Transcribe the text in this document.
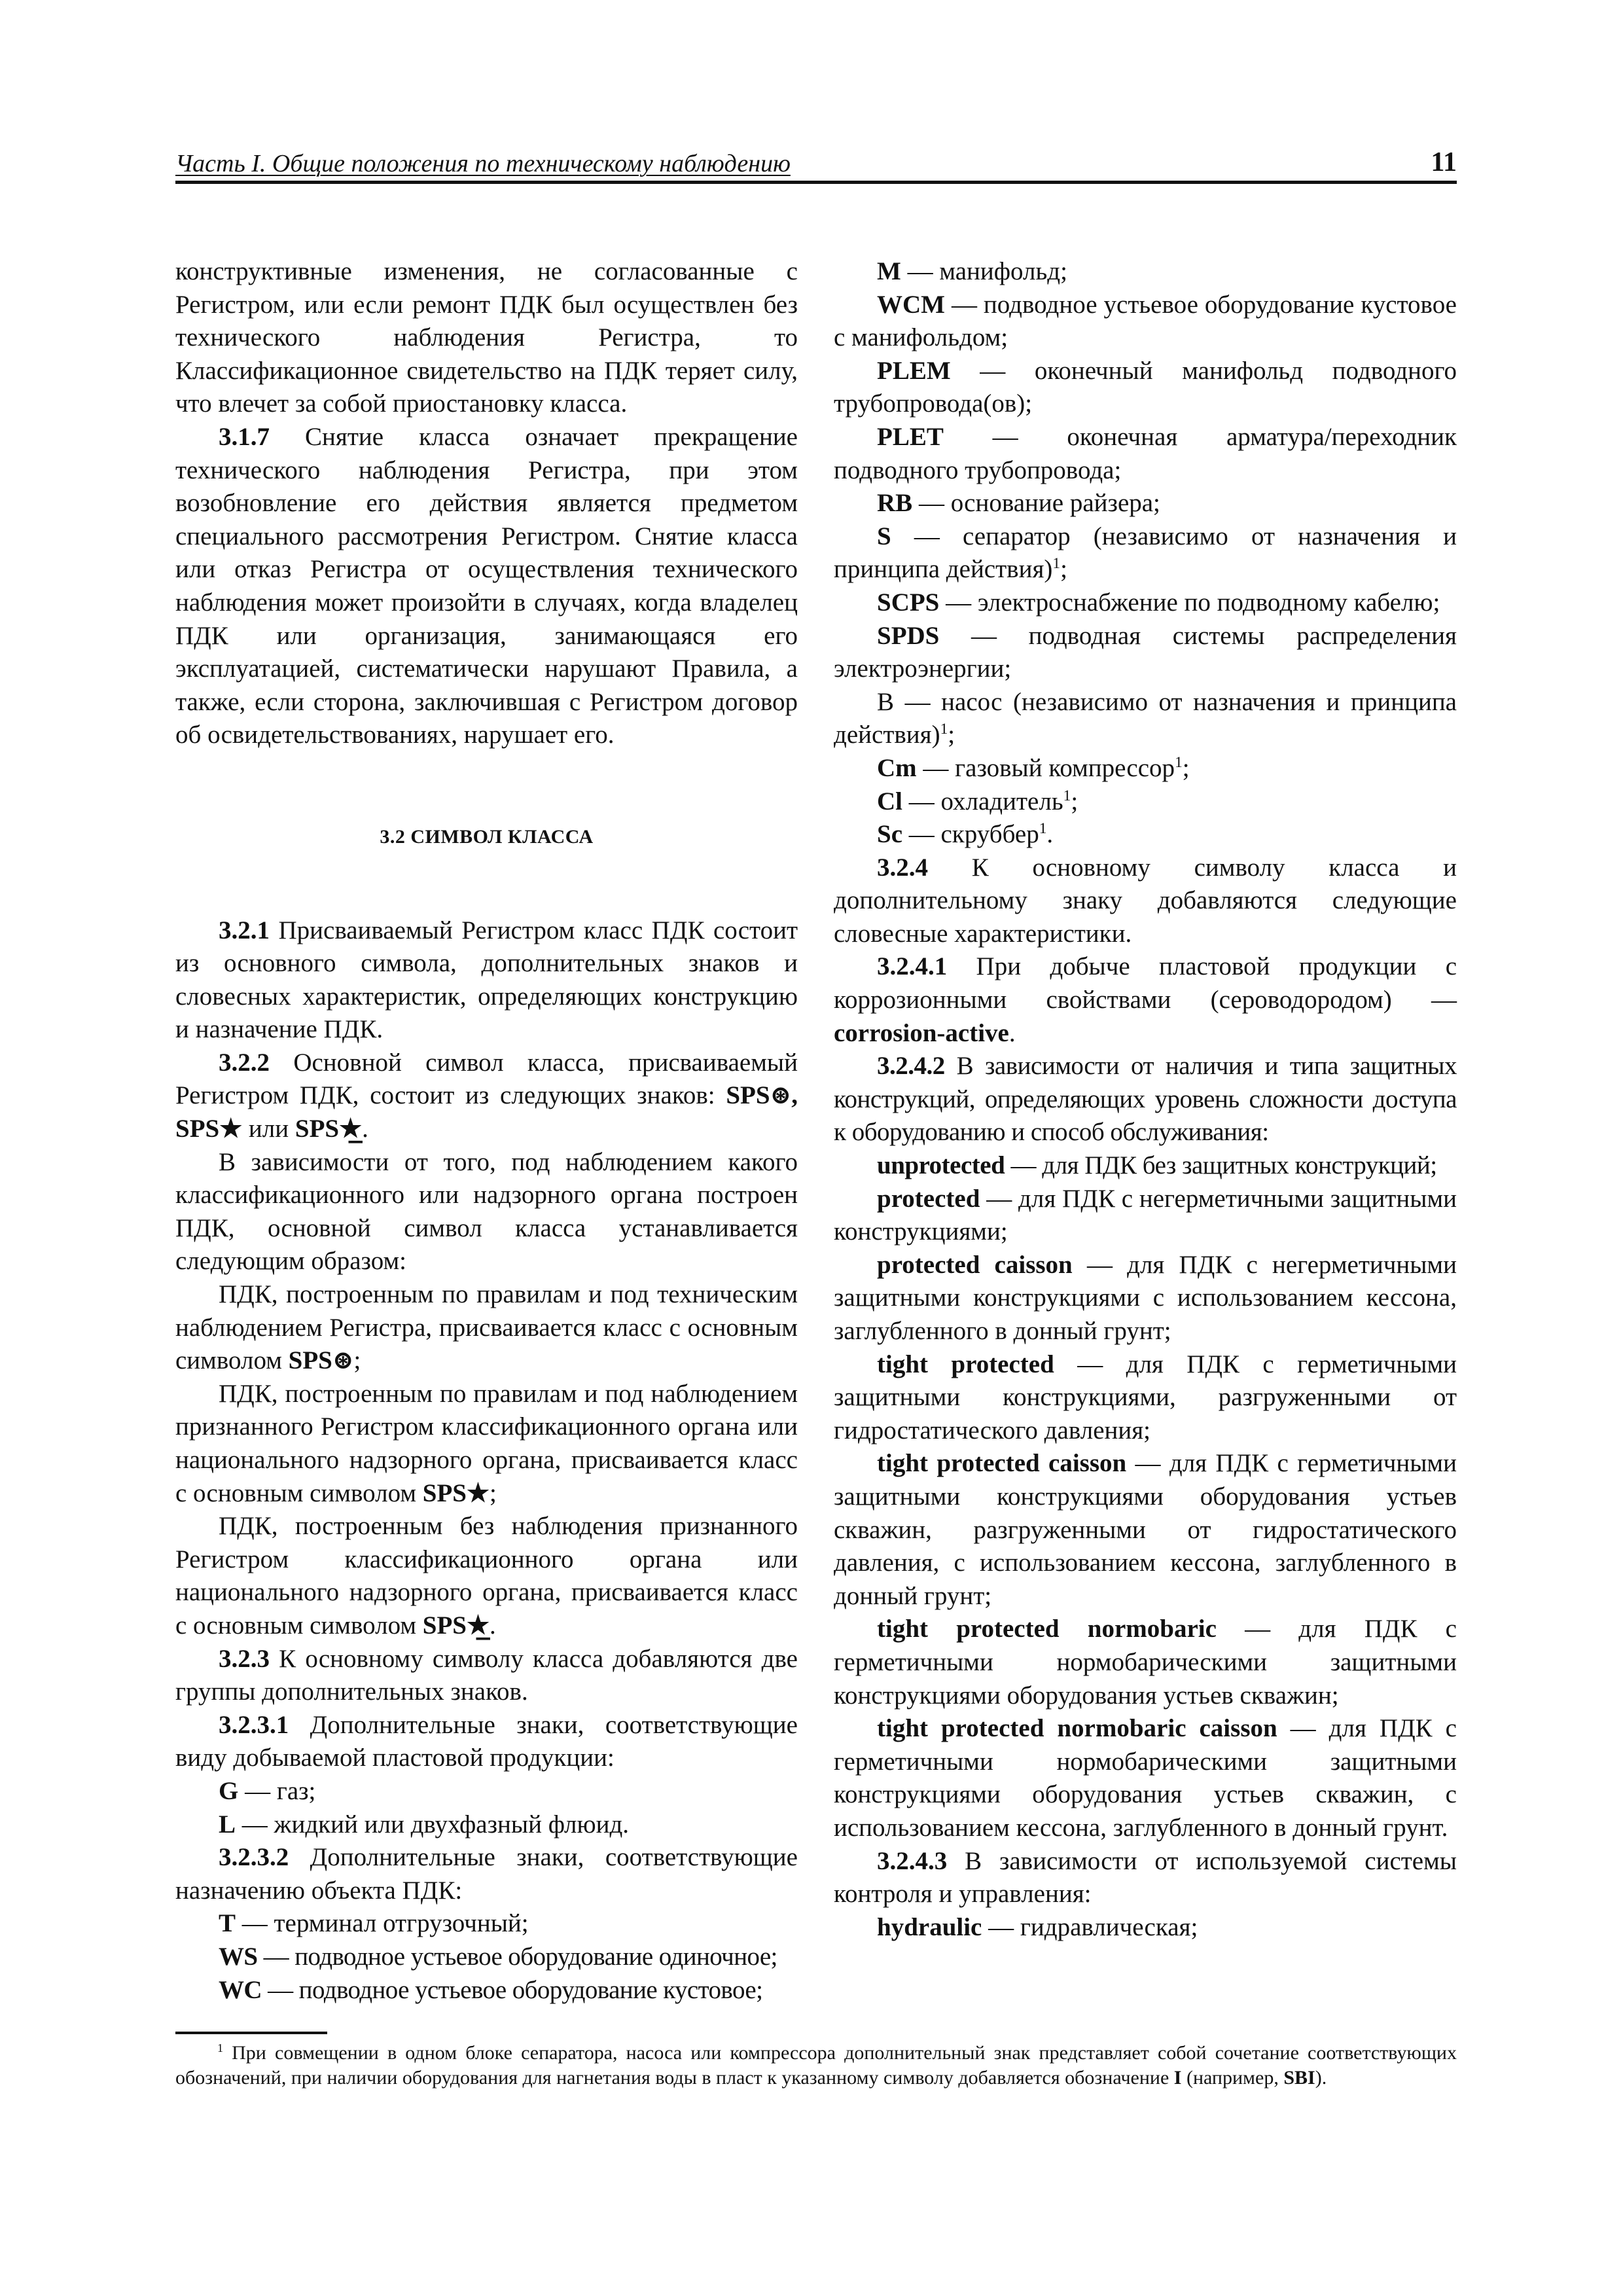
Часть I. Общие положения по техническому наблюдению	11

конструктивные изменения, не согласованные с Регистром, или если ремонт ПДК был осуществлен без технического наблюдения Регистра, то Классификационное свидетельство на ПДК теряет силу, что влечет за собой приостановку класса.

3.1.7 Снятие класса означает прекращение технического наблюдения Регистра, при этом возобновление его действия является предметом специального рассмотрения Регистром. Снятие класса или отказ Регистра от осуществления технического наблюдения может произойти в случаях, когда владелец ПДК или организация, занимающаяся его эксплуатацией, систематически нарушают Правила, а также, если сторона, заключившая с Регистром договор об освидетельствованиях, нарушает его.

3.2 СИМВОЛ КЛАССА

3.2.1 Присваиваемый Регистром класс ПДК состоит из основного символа, дополнительных знаков и словесных характеристик, определяющих конструкцию и назначение ПДК.

3.2.2 Основной символ класса, присваиваемый Регистром ПДК, состоит из следующих знаков: SPS⊛, SPS★ или SPS★̲.

В зависимости от того, под наблюдением какого классификационного или надзорного органа построен ПДК, основной символ класса устанавливается следующим образом:

ПДК, построенным по правилам и под техническим наблюдением Регистра, присваивается класс с основным символом SPS⊛;

ПДК, построенным по правилам и под наблюдением признанного Регистром классификационного органа или национального надзорного органа, присваивается класс с основным символом SPS★;

ПДК, построенным без наблюдения признанного Регистром классификационного органа или национального надзорного органа, присваивается класс с основным символом SPS★̲.

3.2.3 К основному символу класса добавляются две группы дополнительных знаков.

3.2.3.1 Дополнительные знаки, соответствующие виду добываемой пластовой продукции:

G — газ;

L — жидкий или двухфазный флюид.

3.2.3.2 Дополнительные знаки, соответствующие назначению объекта ПДК:

T — терминал отгрузочный;

WS — подводное устьевое оборудование одиночное;

WC — подводное устьевое оборудование кустовое;

M — манифольд;

WCM — подводное устьевое оборудование кустовое с манифольдом;

PLEM — оконечный манифольд подводного трубопровода(ов);

PLET — оконечная арматура/переходник подводного трубопровода;

RB — основание райзера;

S — сепаратор (независимо от назначения и принципа действия)$^1$;

SCPS — электроснабжение по подводному кабелю;

SPDS — подводная системы распределения электроэнергии;

B — насос (независимо от назначения и принципа действия)$^1$;

Cm — газовый компрессор$^1$;

Cl — охладитель$^1$;

Sc — скруббер$^1$.

3.2.4 К основному символу класса и дополнительному знаку добавляются следующие словесные характеристики.

3.2.4.1 При добыче пластовой продукции с коррозионными свойствами (сероводородом) — corrosion-active.

3.2.4.2 В зависимости от наличия и типа защитных конструкций, определяющих уровень сложности доступа к оборудованию и способ обслуживания:

unprotected — для ПДК без защитных конструкций;

protected — для ПДК с негерметичными защитными конструкциями;

protected caisson — для ПДК с негерметичными защитными конструкциями с использованием кессона, заглубленного в донный грунт;

tight protected — для ПДК с герметичными защитными конструкциями, разгруженными от гидростатического давления;

tight protected caisson — для ПДК с герметичными защитными конструкциями оборудования устьев скважин, разгруженными от гидростатического давления, с использованием кессона, заглубленного в донный грунт;

tight protected normobaric — для ПДК с герметичными нормобарическими защитными конструкциями оборудования устьев скважин;

tight protected normobaric caisson — для ПДК с герметичными нормобарическими защитными конструкциями оборудования устьев скважин, с использованием кессона, заглубленного в донный грунт.

3.2.4.3 В зависимости от используемой системы контроля и управления:

hydraulic — гидравлическая;

$^1$ При совмещении в одном блоке сепаратора, насоса или компрессора дополнительный знак представляет собой сочетание соответствующих обозначений, при наличии оборудования для нагнетания воды в пласт к указанному символу добавляется обозначение I (например, SBI).
